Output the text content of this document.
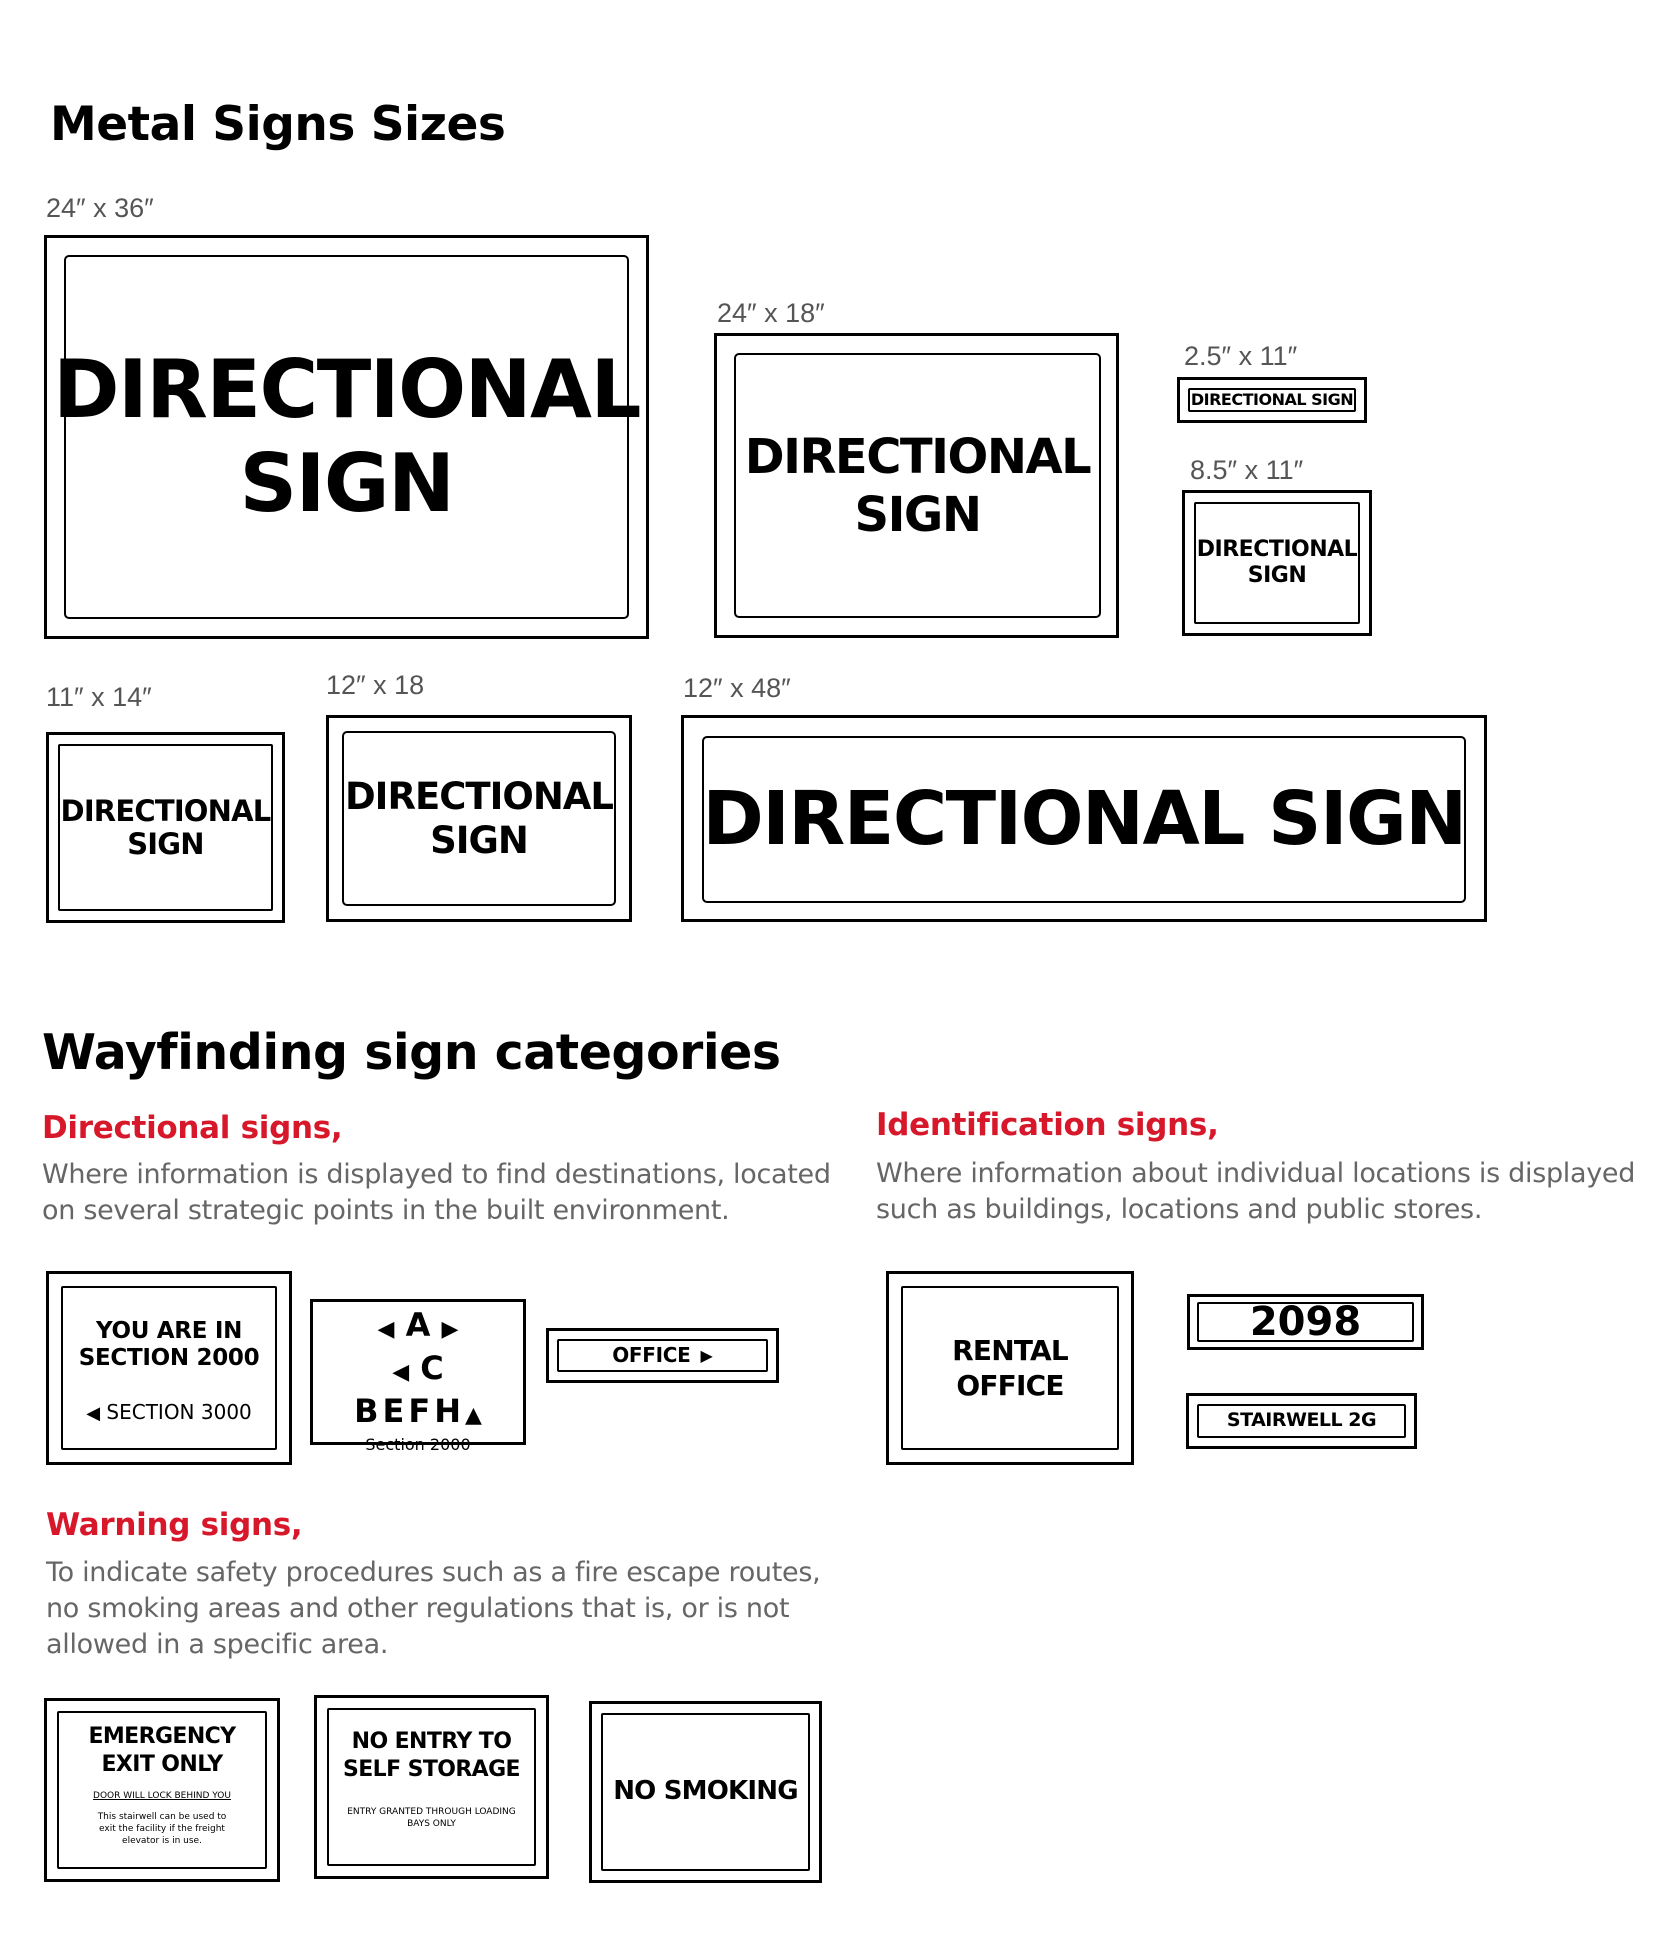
Metal Signs Sizes
24″ x 36″
DIRECTIONAL
SIGN
24″ x 18″
DIRECTIONAL
SIGN
2.5″ x 11″
DIRECTIONAL SIGN
8.5″ x 11″
DIRECTIONAL
SIGN
11″ x 14″
DIRECTIONAL
SIGN
12″ x 18
DIRECTIONAL
SIGN
12″ x 48″
DIRECTIONAL SIGN
Wayfinding sign categories
Directional signs,
Where information is displayed to find destinations, located
on several strategic points in the built environment.
YOU ARE IN
SECTION 2000
◀ SECTION 3000
◀ A ▶
◀ C
BEFH▲
Section 2000
OFFICE ▶
Identification signs,
Where information about individual locations is displayed
such as buildings, locations and public stores.
RENTAL
OFFICE
2098
STAIRWELL 2G
Warning signs,
To indicate safety procedures such as a fire escape routes,
no smoking areas and other regulations that is, or is not
allowed in a specific area.
EMERGENCY
EXIT ONLY
DOOR WILL LOCK BEHIND YOU
This stairwell can be used to
exit the facility if the freight
elevator is in use.
NO ENTRY TO
SELF STORAGE
ENTRY GRANTED THROUGH LOADING
BAYS ONLY
NO SMOKING
